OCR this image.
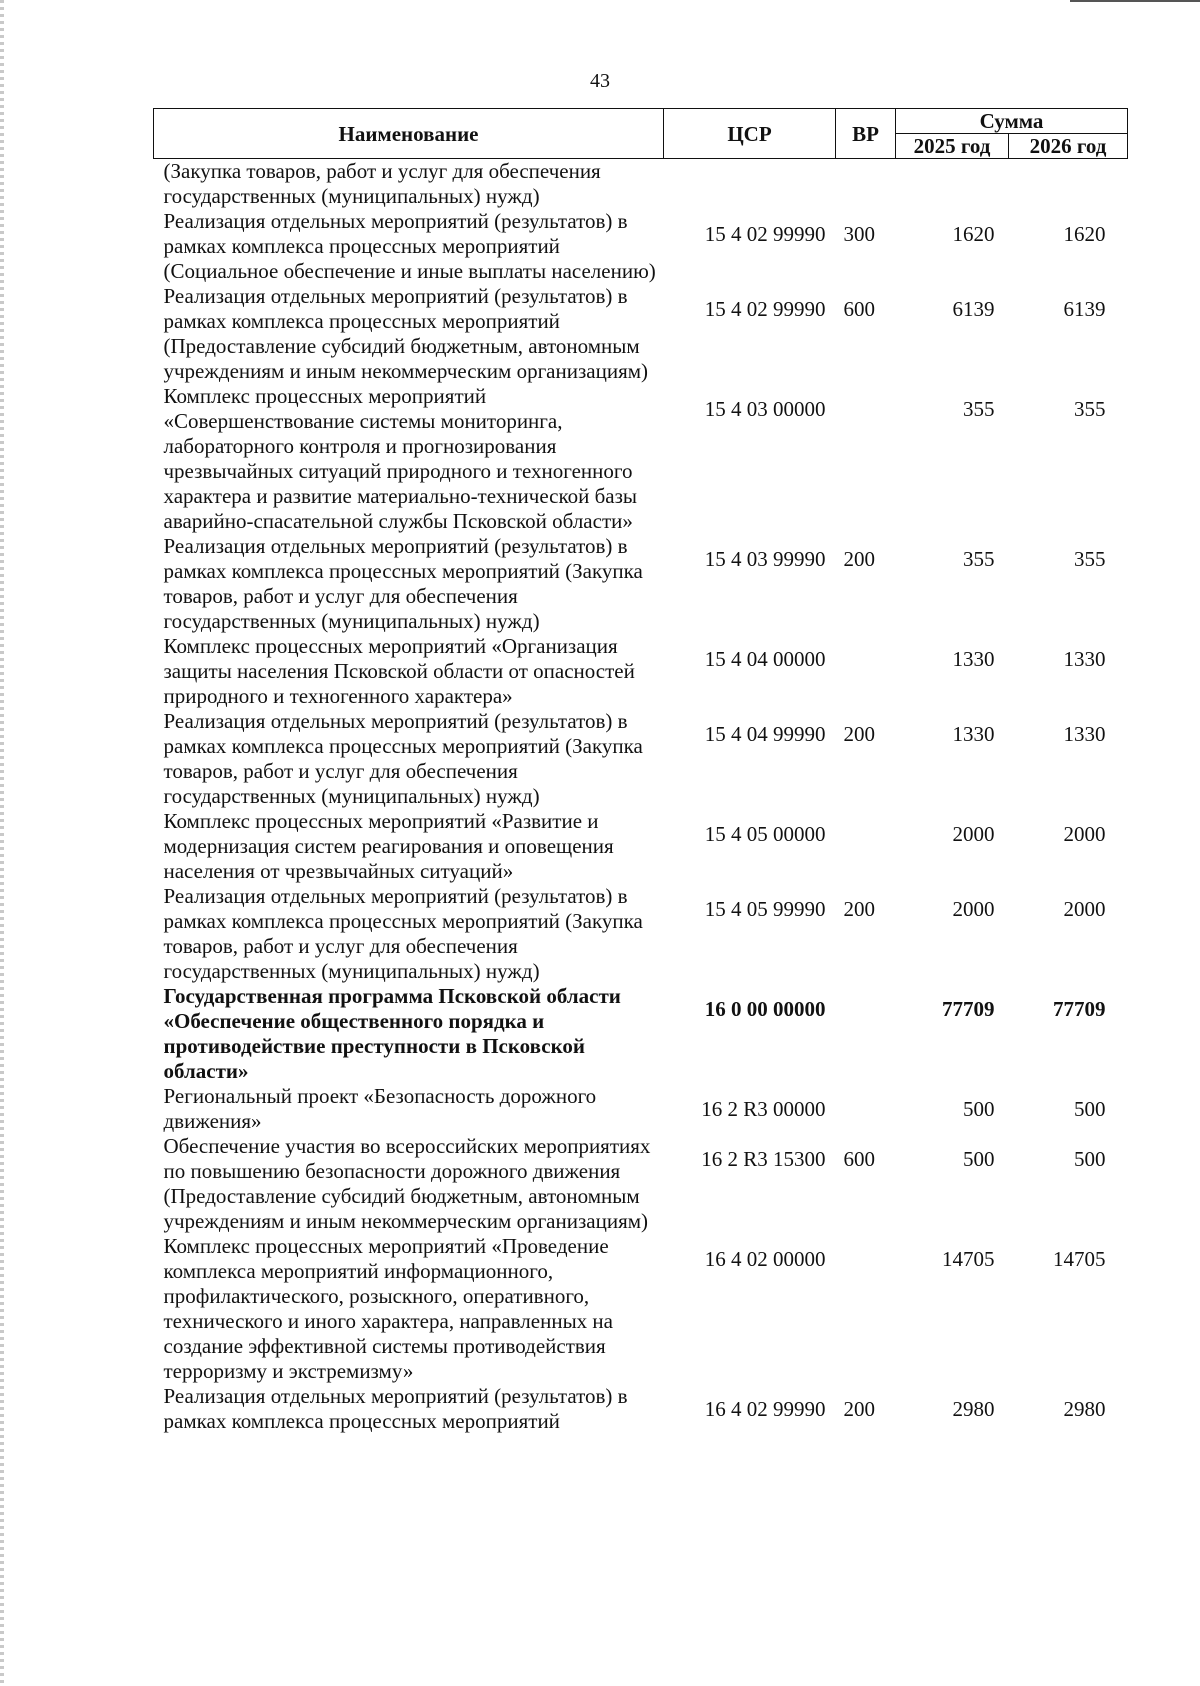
43
Наименование	ЦСР	ВР	Сумма	
			2025 год	2026 год
(Закупка товаров, работ и услуг для обеспечения государственных (муниципальных) нужд)				
Реализация отдельных мероприятий (результатов) в рамках комплекса процессных мероприятий (Социальное обеспечение и иные выплаты населению)	15 4 02 99990	300	1620	1620
Реализация отдельных мероприятий (результатов) в рамках комплекса процессных мероприятий (Предоставление субсидий бюджетным, автономным учреждениям и иным некоммерческим организациям)	15 4 02 99990	600	6139	6139
Комплекс процессных мероприятий «Совершенствование системы мониторинга, лабораторного контроля и прогнозирования чрезвычайных ситуаций природного и техногенного характера и развитие материально-технической базы аварийно-спасательной службы Псковской области»	15 4 03 00000		355	355
Реализация отдельных мероприятий (результатов) в рамках комплекса процессных мероприятий (Закупка товаров, работ и услуг для обеспечения государственных (муниципальных) нужд)	15 4 03 99990	200	355	355
Комплекс процессных мероприятий «Организация защиты населения Псковской области от опасностей природного и техногенного характера»	15 4 04 00000		1330	1330
Реализация отдельных мероприятий (результатов) в рамках комплекса процессных мероприятий (Закупка товаров, работ и услуг для обеспечения государственных (муниципальных) нужд)	15 4 04 99990	200	1330	1330
Комплекс процессных мероприятий «Развитие и модернизация систем реагирования и оповещения населения от чрезвычайных ситуаций»	15 4 05 00000		2000	2000
Реализация отдельных мероприятий (результатов) в рамках комплекса процессных мероприятий (Закупка товаров, работ и услуг для обеспечения государственных (муниципальных) нужд)	15 4 05 99990	200	2000	2000
Государственная программа Псковской области «Обеспечение общественного порядка и противодействие преступности в Псковской области»	16 0 00 00000		77709	77709
Региональный проект «Безопасность дорожного движения»	16 2 R3 00000		500	500
Обеспечение участия во всероссийских мероприятиях по повышению безопасности дорожного движения (Предоставление субсидий бюджетным, автономным учреждениям и иным некоммерческим организациям)	16 2 R3 15300	600	500	500
Комплекс процессных мероприятий «Проведение комплекса мероприятий информационного, профилактического, розыскного, оперативного, технического и иного характера, направленных на создание эффективной системы противодействия терроризму и экстремизму»	16 4 02 00000		14705	14705
Реализация отдельных мероприятий (результатов) в рамках комплекса процессных мероприятий	16 4 02 99990	200	2980	2980
